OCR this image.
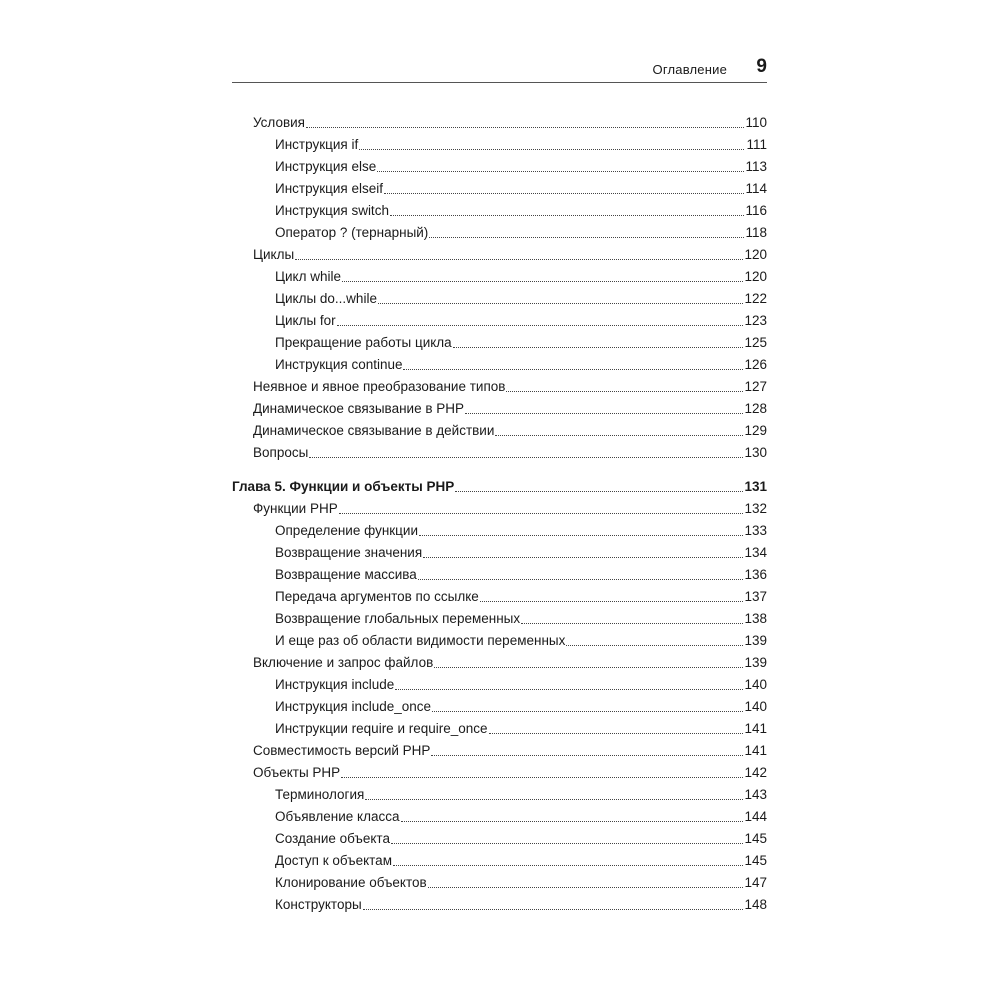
Оглавление 9
Условия	110
Инструкция if	111
Инструкция else	113
Инструкция elseif	114
Инструкция switch	116
Оператор ? (тернарный)	118
Циклы	120
Цикл while	120
Циклы do...while	122
Циклы for	123
Прекращение работы цикла	125
Инструкция continue	126
Неявное и явное преобразование типов	127
Динамическое связывание в PHP	128
Динамическое связывание в действии	129
Вопросы	130
Глава 5. Функции и объекты PHP	131
Функции PHP	132
Определение функции	133
Возвращение значения	134
Возвращение массива	136
Передача аргументов по ссылке	137
Возвращение глобальных переменных	138
И еще раз об области видимости переменных	139
Включение и запрос файлов	139
Инструкция include	140
Инструкция include_once	140
Инструкции require и require_once	141
Совместимость версий PHP	141
Объекты PHP	142
Терминология	143
Объявление класса	144
Создание объекта	145
Доступ к объектам	145
Клонирование объектов	147
Конструкторы	148
